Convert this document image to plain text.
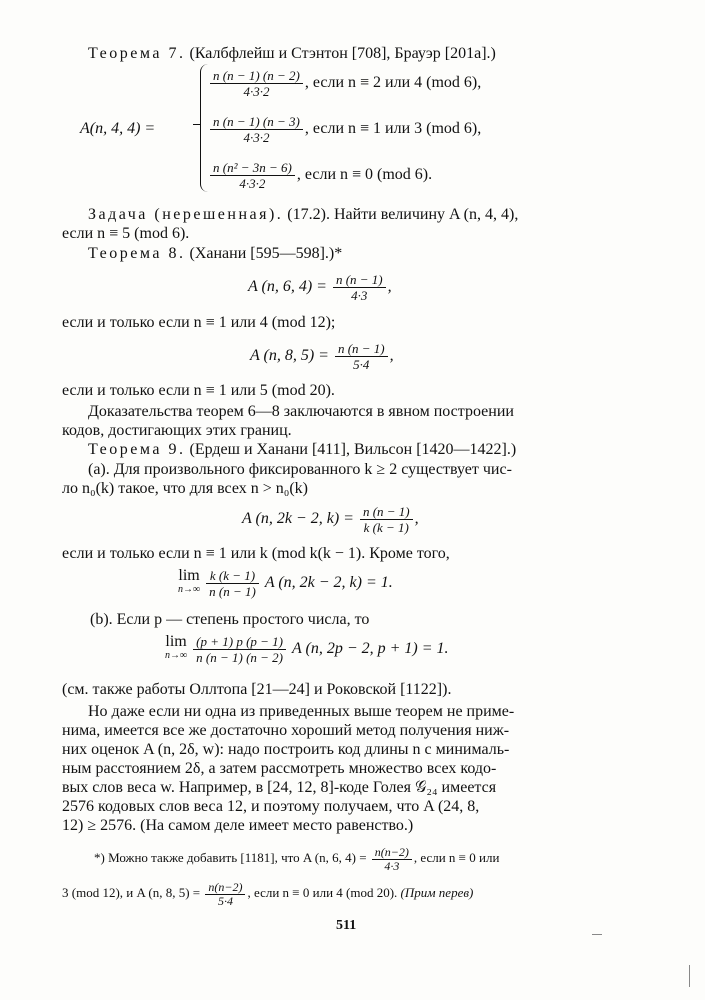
Теорема 7. (Калбфлейш и Стэнтон [708], Брауэр [201а].)
A(n, 4, 4) =
$\frac{n (n - 1) (n - 2)}{4\cdot 3\cdot 2}$ , если n ≡ 2 или 4 (mod 6),
$\frac{n (n - 1) (n - 3)}{4\cdot 3\cdot 2}$ , если n ≡ 1 или 3 (mod 6),
$\frac{\text{n (n² − 3n − 6)}}{4\cdot 3\cdot 2}$ , если n ≡ 0 (mod 6).
Задача (нерешенная). (17.2). Найти величину A (n, 4, 4),
если n ≡ 5 (mod 6).
Теорема 8. (Ханани [595—598].)*
A (n, 6, $4) = \frac{n (n - 1)}{4\cdot 3}$ ,
если и только если n ≡ 1 или 4 (mod 12);
A (n, 8, $5) = \frac{n (n - 1)}{5\cdot 4}$ ,
если и только если n ≡ 1 или 5 (mod 20).
Доказательства теорем 6—8 заключаются в явном построении
кодов, достигающих этих границ.
Теорема 9. (Ердеш и Ханани [411], Вильсон [1420—1422].)
(a). Для произвольного фиксированного k ≥ 2 существует чис-
ло n₀(k) такое, что для всех n > n₀(k)
A (n, 2k − 2, $k) = \frac{n (n - 1)}{k (k - 1)}$ ,
если и только если n ≡ 1 или k (mod k(k − 1). Кроме того,
lim
n→∞
$\frac{k (k - 1)}{n (n - 1)}$ A (n, 2k − 2, k) = 1.
(b). Если p — степень простого числа, то
lim
n→∞
$\frac{(p + 1) p (p - 1)}{n (n - 1) (n - 2)}$ A (n, 2p − 2, p + 1) = 1.
(см. также работы Оллтопа [21—24] и Роковской [1122]).
Но даже если ни одна из приведенных выше теорем не приме-
нима, имеется все же достаточно хороший метод получения ниж-
них оценок A (n, 2δ, w): надо построить код длины n с минималь-
ным расстоянием 2δ, а затем рассмотреть множество всех кодо-
вых слов веса w. Например, в [24, 12, 8]-коде Голея 𝒢₂₄ имеется
2576 кодовых слов веса 12, и поэтому получаем, что A (24, 8,
12) ≥ 2576. (На самом деле имеет место равенство.)
*) Можно также добавить [1181], что A (n, 6, $4) = \frac{n(n-2)}{4\cdot 3}$ , если n ≡ 0 или
3 (mod 12), и A (n, 8, $5) = \frac{n(n-2)}{5\cdot 4}$ , если n ≡ 0 или 4 (mod 20). (Прим перев)
511
